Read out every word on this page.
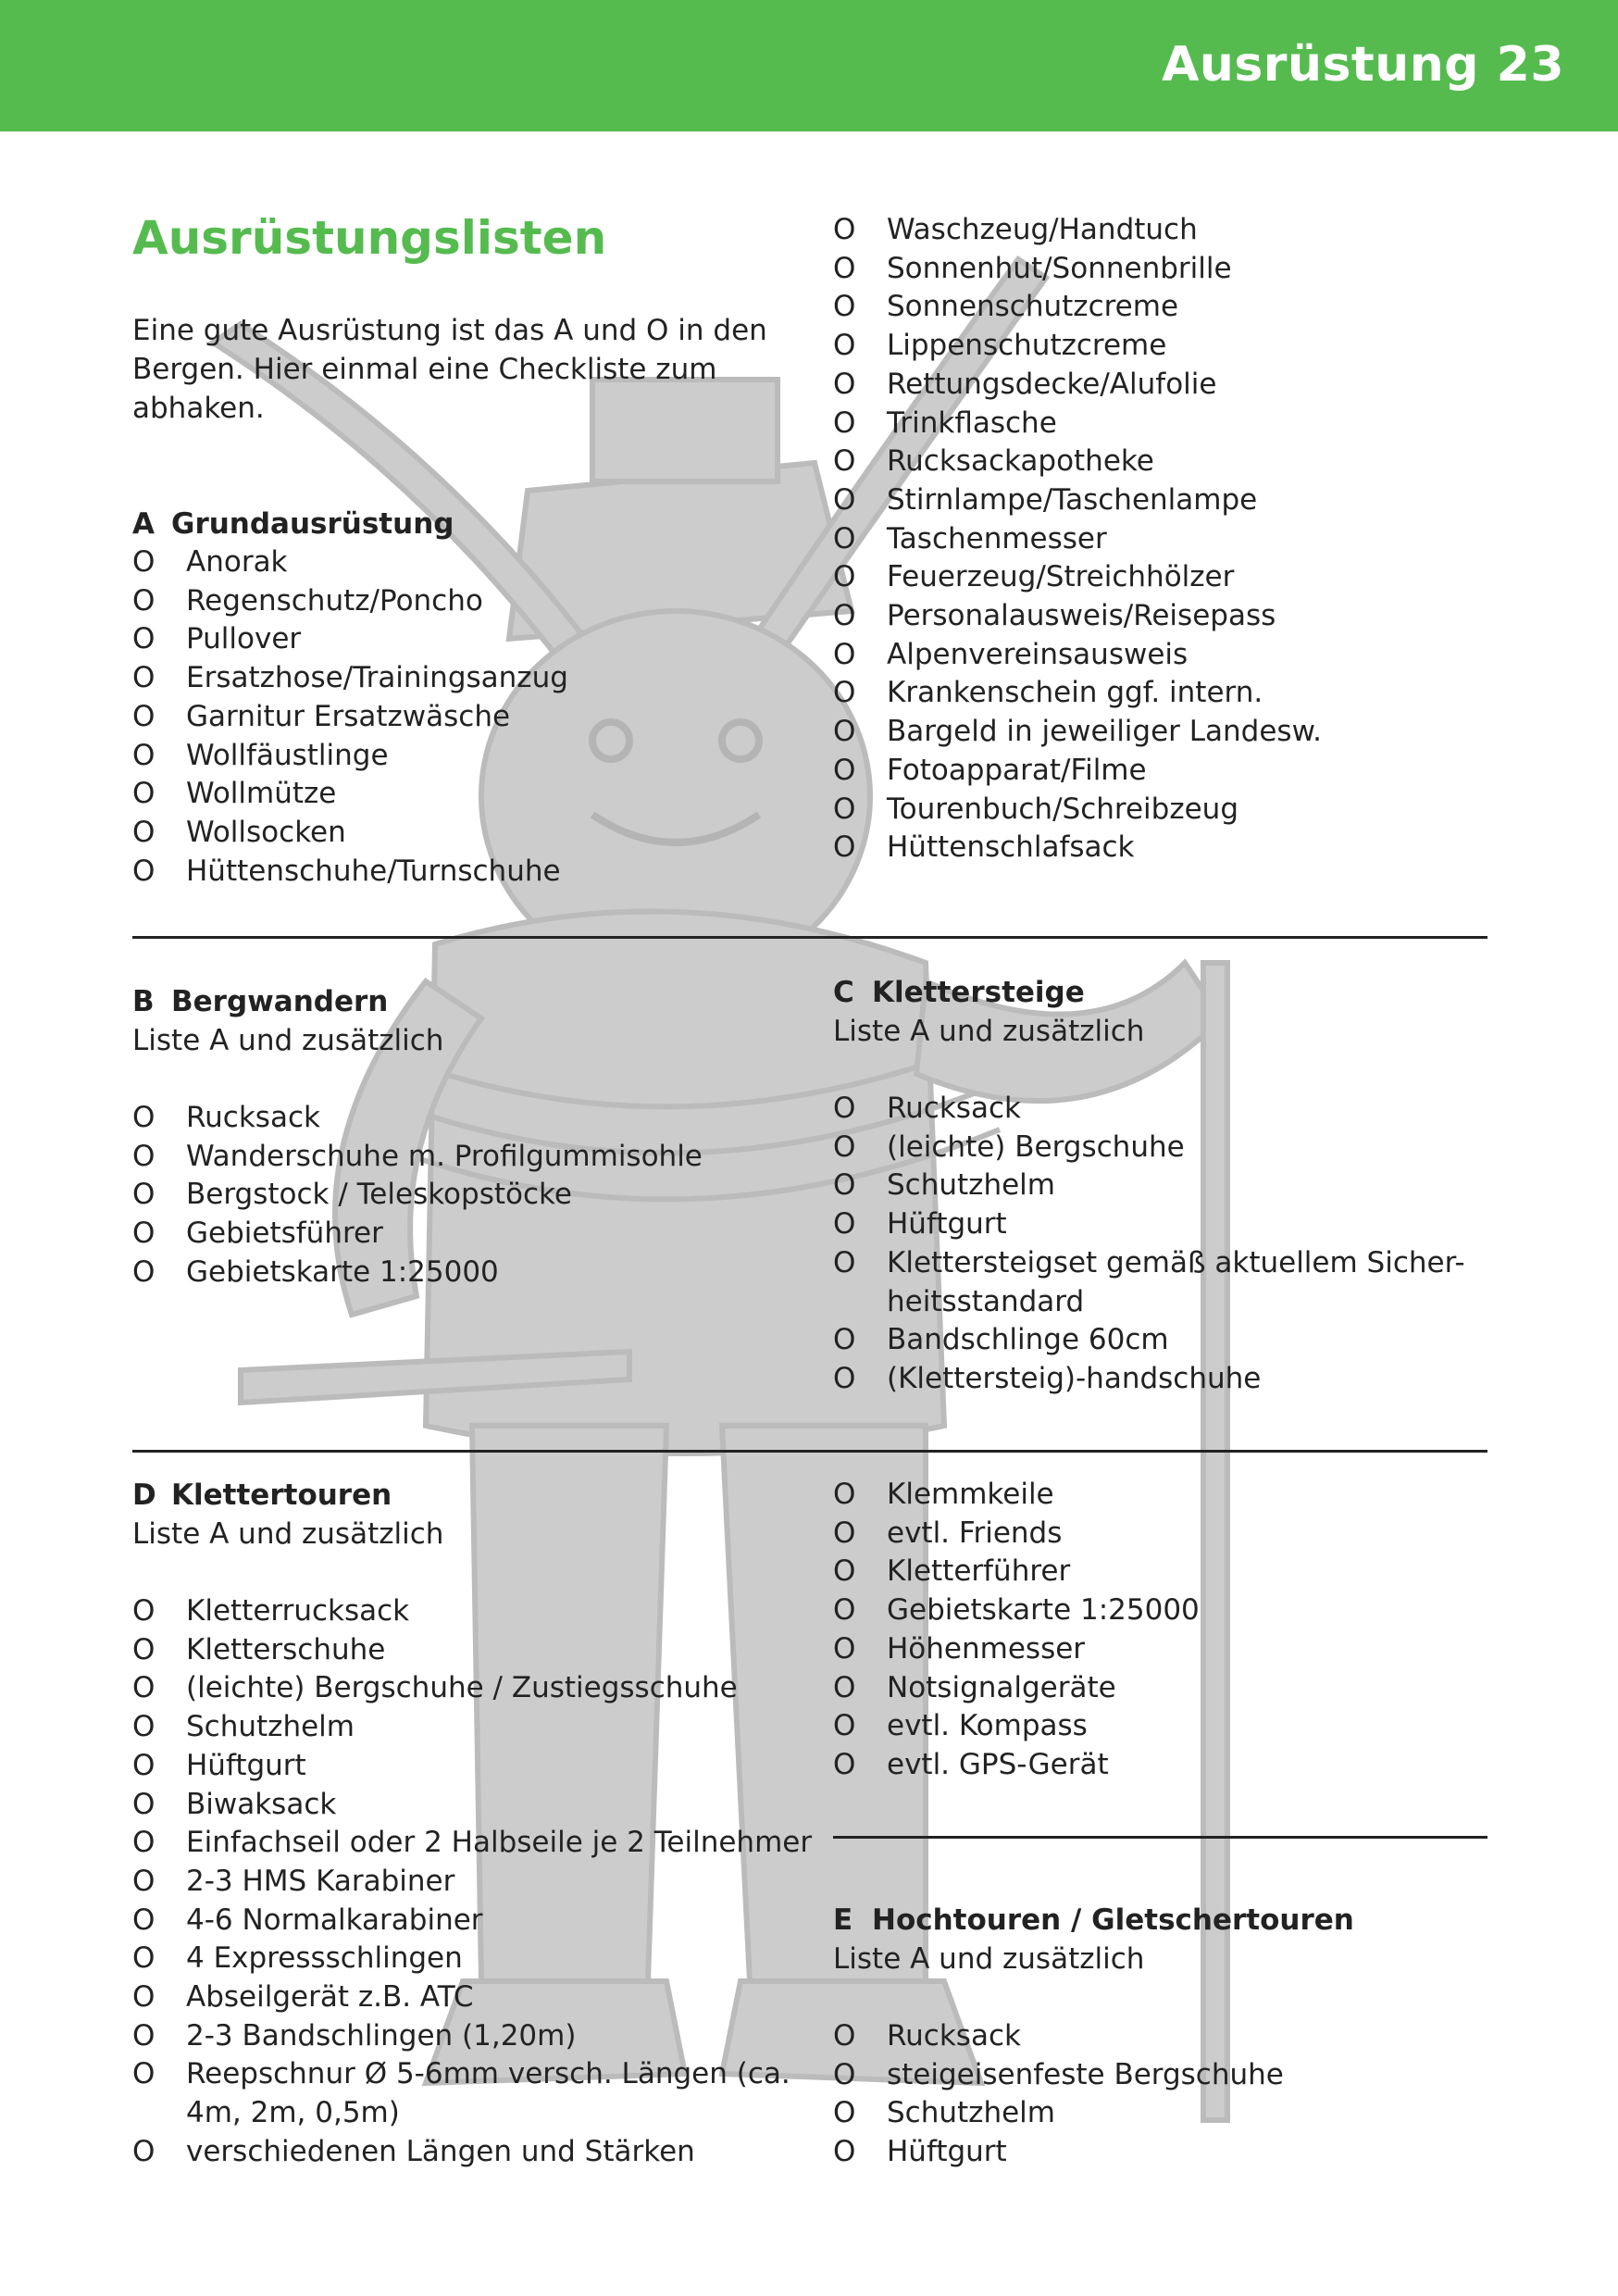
Ausrüstung 23
Ausrüstungslisten

Eine gute Ausrüstung ist das A und O in den Bergen. Hier einmal eine Checkliste zum abhaken.

A Grundausrüstung
O Anorak
O Regenschutz/Poncho
O Pullover
O Ersatzhose/Trainingsanzug
O Garnitur Ersatzwäsche
O Wollfäustlinge
O Wollmütze
O Wollsocken
O Hüttenschuhe/Turnschuhe
O Waschzeug/Handtuch
O Sonnenhut/Sonnenbrille
O Sonnenschutzcreme
O Lippenschutzcreme
O Rettungsdecke/Alufolie
O Trinkflasche
O Rucksackapotheke
O Stirnlampe/Taschenlampe
O Taschenmesser
O Feuerzeug/Streichhölzer
O Personalausweis/Reisepass
O Alpenvereinsausweis
O Krankenschein ggf. intern.
O Bargeld in jeweiliger Landesw.
O Fotoapparat/Filme
O Tourenbuch/Schreibzeug
O Hüttenschlafsack
B Bergwandern
Liste A und zusätzlich
O Rucksack
O Wanderschuhe m. Profilgummisohle
O Bergstock / Teleskopstöcke
O Gebietsführer
O Gebietskarte 1:25000
C Klettersteige
Liste A und zusätzlich
O Rucksack
O (leichte) Bergschuhe
O Schutzhelm
O Hüftgurt
O Klettersteigset gemäß aktuellem Sicher-heitsstandard
O Bandschlinge 60cm
O (Klettersteig)-handschuhe
D Klettertouren
Liste A und zusätzlich
O Kletterrucksack
O Kletterschuhe
O (leichte) Bergschuhe / Zustiegsschuhe
O Schutzhelm
O Hüftgurt
O Biwaksack
O Einfachseil oder 2 Halbseile je 2 Teilnehmer
O 2-3 HMS Karabiner
O 4-6 Normalkarabiner
O 4 Expressschlingen
O Abseilgerät z.B. ATC
O 2-3 Bandschlingen (1,20m)
O Reepschnur Ø 5-6mm versch. Längen (ca. 4m, 2m, 0,5m)
O verschiedenen Längen und Stärken
O Klemmkeile
O evtl. Friends
O Kletterführer
O Gebietskarte 1:25000
O Höhenmesser
O Notsignalgeräte
O evtl. Kompass
O evtl. GPS-Gerät
E Hochtouren / Gletschertouren
Liste A und zusätzlich
O Rucksack
O steigeisenfeste Bergschuhe
O Schutzhelm
O Hüftgurt
